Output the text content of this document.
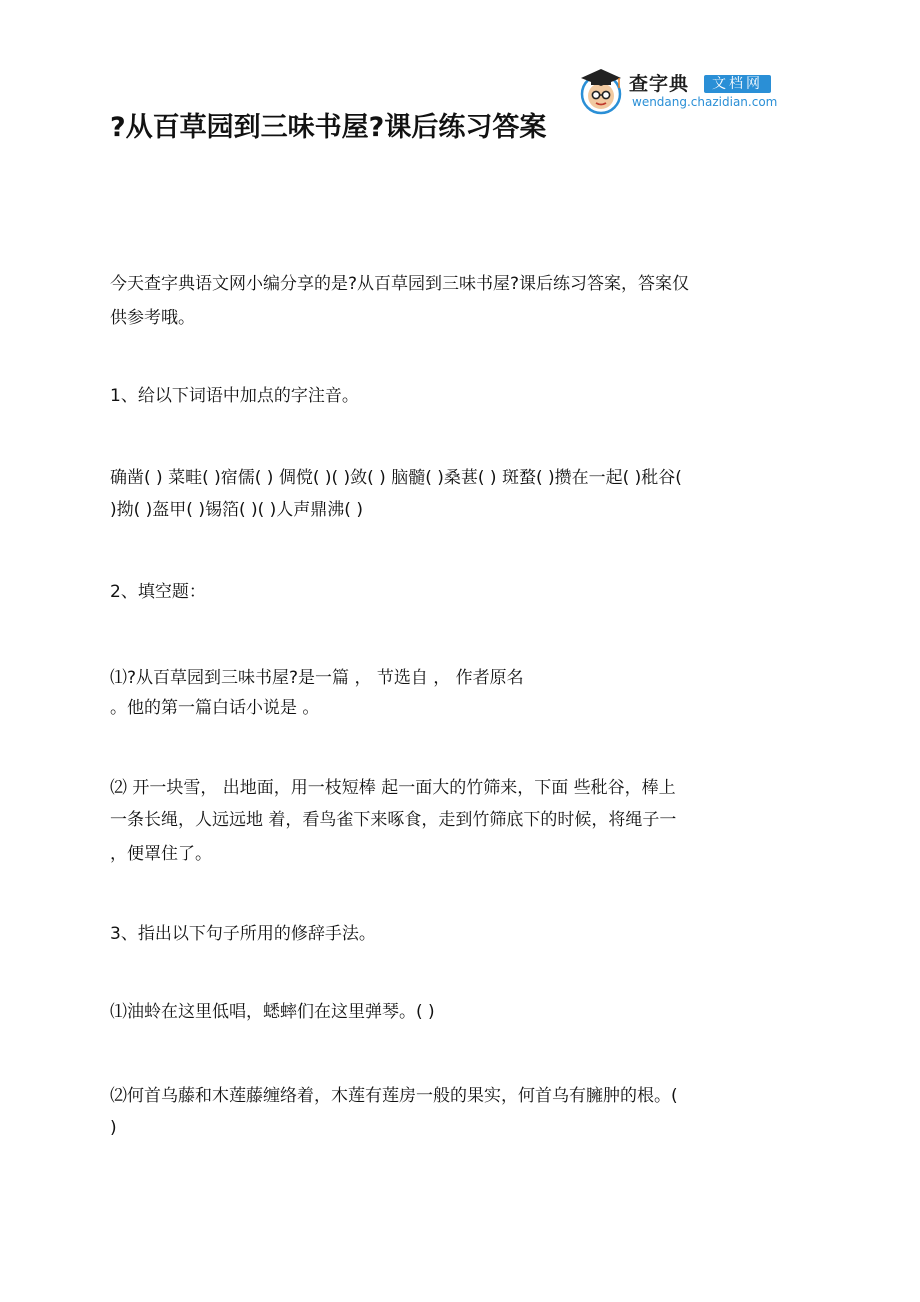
查字典	文档网
wendang.chazidian.com
?从百草园到三味书屋?课后练习答案

今天查字典语文网小编分享的是?从百草园到三味书屋?课后练习答案，答案仅

供参考哦。

1、给以下词语中加点的字注音。

确凿( ) 菜畦( )宿儒( ) 倜傥( )( )敛( ) 脑髓( )桑葚( ) 斑蝥( )攒在一起( )秕谷(

)拗( )盔甲( )锡箔( )( )人声鼎沸( )

2、填空题：

⑴?从百草园到三味书屋?是一篇 ， 节选自 ， 作者原名

。他的第一篇白话小说是 。

⑵ 开一块雪， 出地面，用一枝短棒 起一面大的竹筛来，下面 些秕谷，棒上

一条长绳，人远远地 着，看鸟雀下来啄食，走到竹筛底下的时候，将绳子一

，便罩住了。

3、指出以下句子所用的修辞手法。

⑴油蛉在这里低唱，蟋蟀们在这里弹琴。( )

⑵何首乌藤和木莲藤缠络着，木莲有莲房一般的果实，何首乌有臃肿的根。(

)
